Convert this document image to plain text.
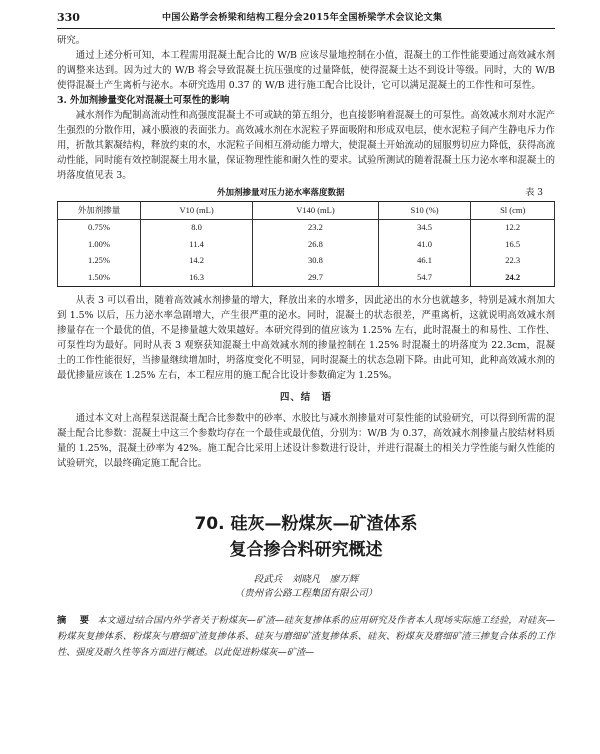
330	中国公路学会桥梁和结构工程分会2015年全国桥梁学术会议论文集

研究。

通过上述分析可知，本工程需用混凝土配合比的 W/B 应该尽量地控制在小值，混凝土的工作性能要通过高效减水剂的调整来达到。因为过大的 W/B 将会导致混凝土抗压强度的过量降低，使得混凝土达不到设计等级。同时，大的 W/B 使得混凝土产生离析与泌水。本研究选用 0.37 的 W/B 进行施工配合比设计，它可以满足混凝土的工作性和可泵性。

3. 外加剂掺量变化对混凝土可泵性的影响

减水剂作为配制高流动性和高强度混凝土不可或缺的第五组分，也直接影响着混凝土的可泵性。高效减水剂对水泥产生强烈的分散作用，减小膜液的表面张力。高效减水剂在水泥粒子界面吸附和形成双电层，使水泥粒子间产生静电斥力作用，折散其絮凝结构，释放约束的水，水泥粒子间相互滑动能力增大，使混凝土开始流动的屈服剪切应力降低，获得高流动性能，同时能有效控制混凝土用水量，保证物理性能和耐久性的要求。试验所测试的随着混凝土压力泌水率和混凝土的坍落度值见表 3。

外加剂掺量对压力泌水率落度数据	表 3
外加剂掺量	V10 (mL)	V140 (mL)	S10 (%)	Sl (cm)
0.75%	8.0	23.2	34.5	12.2
1.00%	11.4	26.8	41.0	16.5
1.25%	14.2	30.8	46.1	22.3
1.50%	16.3	29.7	54.7	24.2

从表 3 可以看出，随着高效减水剂掺量的增大，释放出来的水增多，因此泌出的水分也就越多，特别是减水剂加大到 1.5% 以后，压力泌水率急剧增大，产生很严重的泌水。同时，混凝土的状态很差，严重离析，这就说明高效减水剂掺量存在一个最优的值，不是掺量越大效果越好。本研究得到的值应该为 1.25% 左右，此时混凝土的和易性、工作性、可泵性均为最好。同时从表 3 观察获知混凝土中高效减水剂的掺量控制在 1.25% 时混凝土的坍落度为 22.3cm，混凝土的工作性能很好，当掺量继续增加时，坍落度变化不明显，同时混凝土的状态急剧下降。由此可知，此种高效减水剂的最优掺量应该在 1.25% 左右，本工程应用的施工配合比设计参数确定为 1.25%。

四、结　语

通过本文对上高程泵送混凝土配合比参数中的砂率、水胶比与减水剂掺量对可泵性能的试验研究，可以得到所需的混凝土配合比参数：混凝土中这三个参数均存在一个最佳或最优值，分别为：W/B 为 0.37，高效减水剂掺量占胶结材料质量的 1.25%，混凝土砂率为 42%。施工配合比采用上述设计参数进行设计，并进行混凝土的相关力学性能与耐久性能的试验研究，以最终确定施工配合比。

70. 硅灰—粉煤灰—矿渣体系
复合掺合料研究概述
段武兵　刘晓凡　廖万辉
（贵州省公路工程集团有限公司）
摘　要 本文通过结合国内外学者关于粉煤灰—矿渣—硅灰复掺体系的应用研究及作者本人现场实际施工经验，对硅灰—粉煤灰复掺体系、粉煤灰与磨细矿渣复掺体系、硅灰与磨细矿渣复掺体系、硅灰、粉煤灰及磨细矿渣三掺复合体系的工作性、强度及耐久性等各方面进行概述。以此促进粉煤灰—矿渣—
